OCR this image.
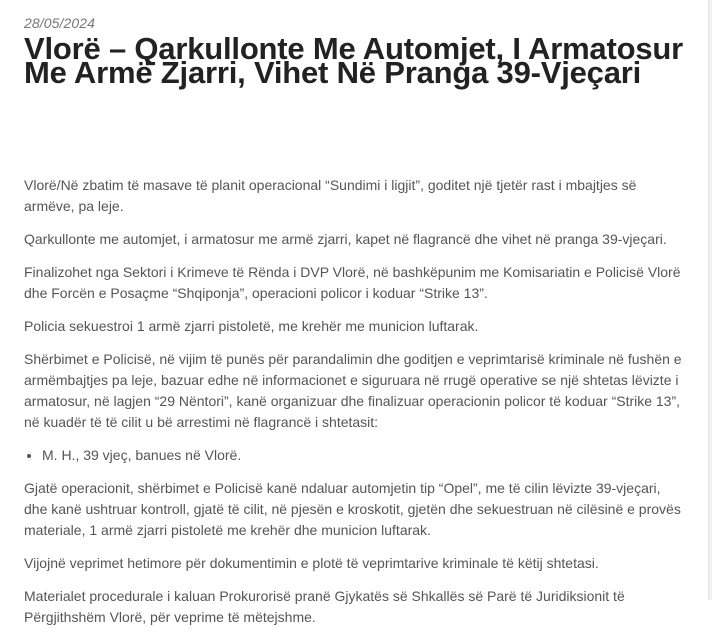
28/05/2024
Vlorë – Qarkullonte Me Automjet, I Armatosur Me Armë Zjarri, Vihet Në Pranga 39-Vjeçari

Vlorë/Në zbatim të masave të planit operacional “Sundimi i ligjit”, goditet një tjetër rast i mbajtjes së armëve, pa leje.

Qarkullonte me automjet, i armatosur me armë zjarri, kapet në flagrancë dhe vihet në pranga 39-vjeçari.

Finalizohet nga Sektori i Krimeve të Rënda i DVP Vlorë, në bashkëpunim me Komisariatin e Policisë Vlorë dhe Forcën e Posaçme “Shqiponja”, operacioni policor i koduar “Strike 13”.

Policia sekuestroi 1 armë zjarri pistoletë, me krehër me municion luftarak.

Shërbimet e Policisë, në vijim të punës për parandalimin dhe goditjen e veprimtarisë kriminale në fushën e armëmbajtjes pa leje, bazuar edhe në informacionet e siguruara në rrugë operative se një shtetas lëvizte i armatosur, në lagjen “29 Nëntori”, kanë organizuar dhe finalizuar operacionin policor të koduar “Strike 13”, në kuadër të të cilit u bë arrestimi në flagrancë i shtetasit:

• M. H., 39 vjeç, banues në Vlorë.

Gjatë operacionit, shërbimet e Policisë kanë ndaluar automjetin tip “Opel”, me të cilin lëvizte 39-vjeçari, dhe kanë ushtruar kontroll, gjatë të cilit, në pjesën e kroskotit, gjetën dhe sekuestruan në cilësinë e provës materiale, 1 armë zjarri pistoletë me krehër dhe municion luftarak.

Vijojnë veprimet hetimore për dokumentimin e plotë të veprimtarive kriminale të këtij shtetasi.

Materialet procedurale i kaluan Prokurorisë pranë Gjykatës së Shkallës së Parë të Juridiksionit të Përgjithshëm Vlorë, për veprime të mëtejshme.
